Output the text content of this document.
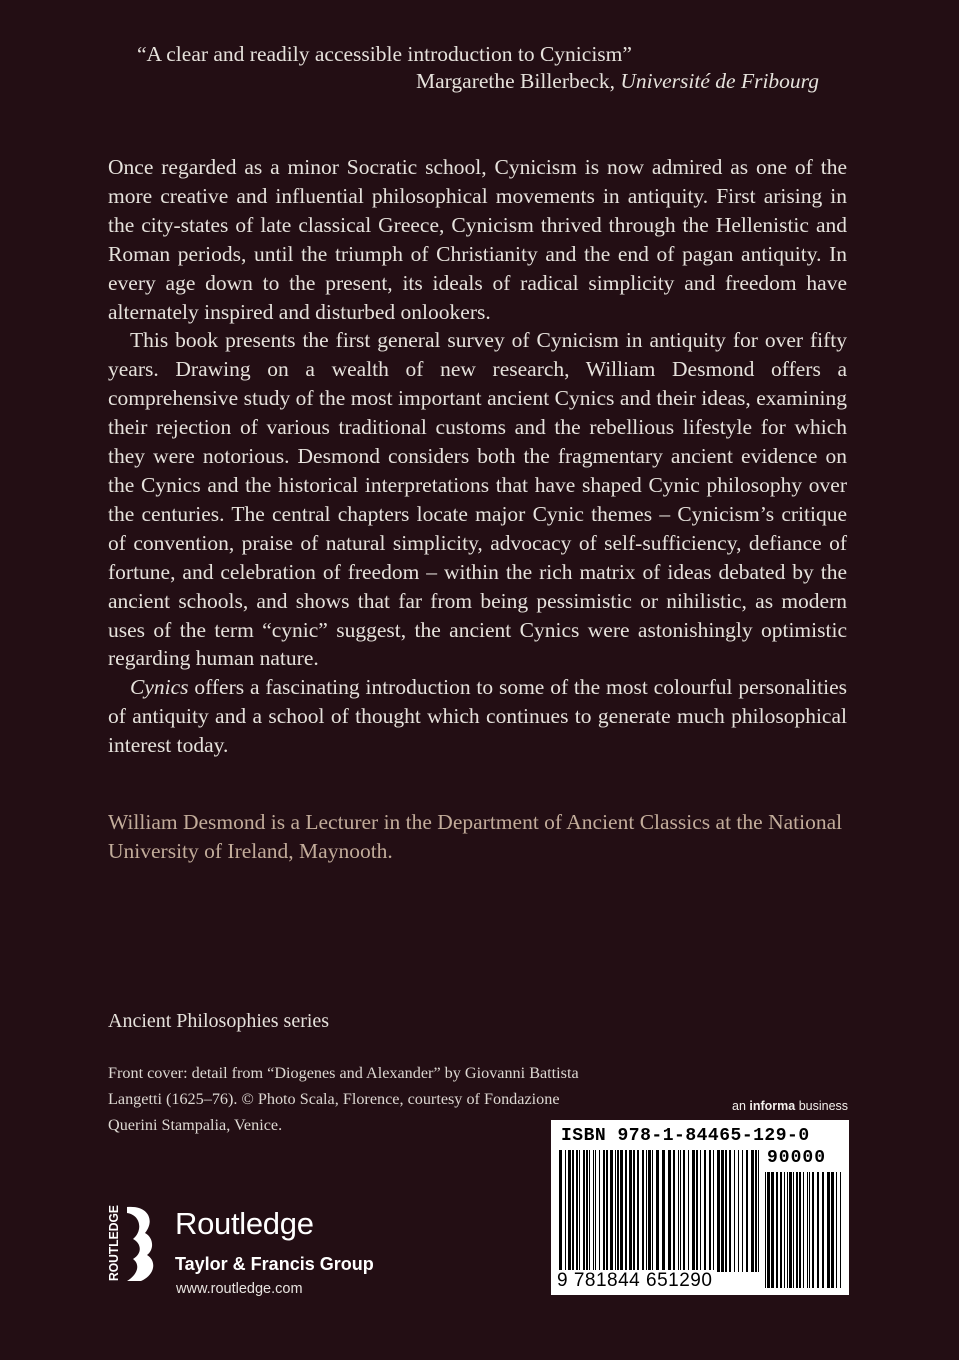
“A clear and readily accessible introduction to Cynicism”
Margarethe Billerbeck, Université de Fribourg

Once regarded as a minor Socratic school, Cynicism is now admired as one of the more creative and influential philosophical movements in antiquity. First arising in the city-states of late classical Greece, Cynicism thrived through the Hellenistic and Roman periods, until the triumph of Christianity and the end of pagan antiquity. In every age down to the present, its ideals of radical simplicity and freedom have alternately inspired and disturbed onlookers.

This book presents the first general survey of Cynicism in antiquity for over fifty years. Drawing on a wealth of new research, William Desmond offers a comprehensive study of the most important ancient Cynics and their ideas, examining their rejection of various traditional customs and the rebellious lifestyle for which they were notorious. Desmond considers both the fragmentary ancient evidence on the Cynics and the historical interpretations that have shaped Cynic philosophy over the centuries. The central chapters locate major Cynic themes – Cynicism’s critique of convention, praise of natural simplicity, advocacy of self-sufficiency, defiance of fortune, and celebration of freedom – within the rich matrix of ideas debated by the ancient schools, and shows that far from being pessimistic or nihilistic, as modern uses of the term “cynic” suggest, the ancient Cynics were astonishingly optimistic regarding human nature.

Cynics offers a fascinating introduction to some of the most colourful personalities of antiquity and a school of thought which continues to generate much philosophical interest today.

William Desmond is a Lecturer in the Department of Ancient Classics at the National University of Ireland, Maynooth.
Ancient Philosophies series
Front cover: detail from “Diogenes and Alexander” by Giovanni Battista Langetti (1625–76). © Photo Scala, Florence, courtesy of Fondazione Querini Stampalia, Venice.
an informa business
ISBN 978-1-84465-129-0
90000
9 781844 651290
ROUTLEDGE Routledge
Taylor & Francis Group
www.routledge.com
